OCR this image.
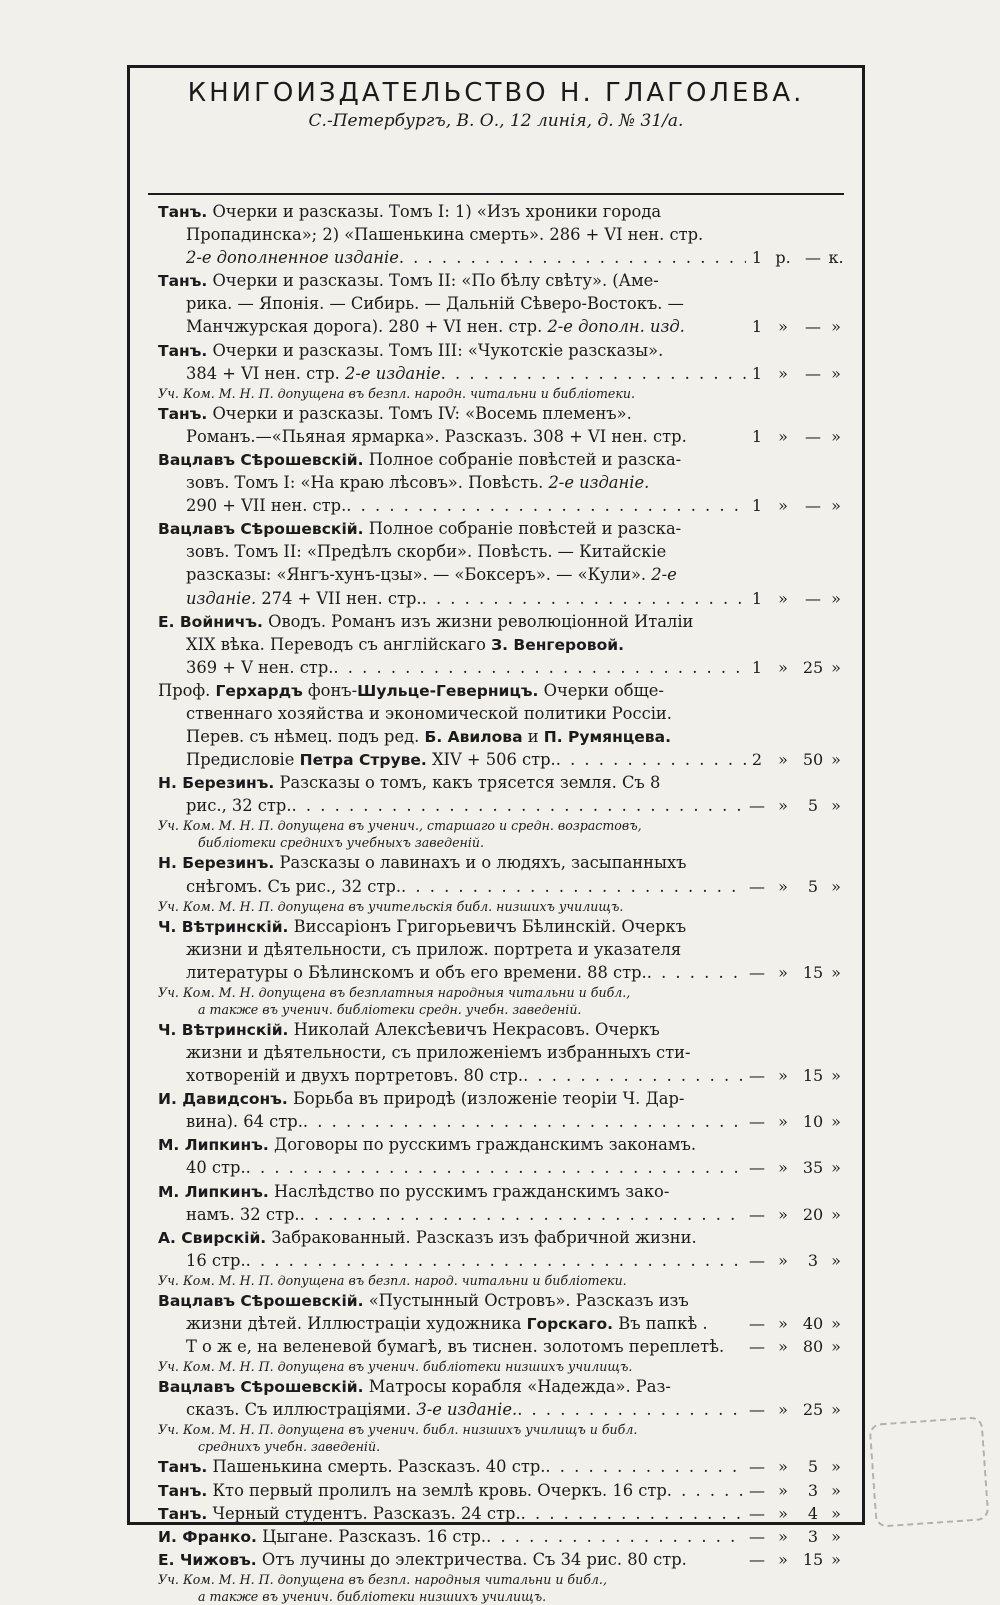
КНИГОИЗДАТЕЛЬСТВО Н. ГЛАГОЛЕВА.
С.-Петербургъ, В. О., 12 линія, д. № 31/а.
Танъ. Очерки и разсказы. Томъ I: 1) «Изъ хроники города
Пропадинска»; 2) «Пашенькина смерть». 286 + VI нен. стр.
2-е дополненное изданіе . . .	1 р. — к.
Танъ. Очерки и разсказы. Томъ II: «По бѣлу свѣту». (Аме-
рика. — Японія. — Сибирь. — Дальній Сѣверо-Востокъ. —
Манчжурская дорога). 280 + VI нен. стр. 2-е дополн. изд.	1	»	— »
Танъ. Очерки и разсказы. Томъ III: «Чукотскіе разсказы».
384 + VI нен. стр. 2-е изданіе . . .	1	»	— »
Уч. Ком. М. Н. П. допущена въ безпл. народн. читальни и библіотеки.
Танъ. Очерки и разсказы. Томъ IV: «Восемь племенъ».
Романъ.—«Пьяная ярмарка». Разсказъ. 308 + VI нен. стр.	1	»	— »
Вацлавъ Сѣрошевскій. Полное собраніе повѣстей и разска-
зовъ. Томъ I: «На краю лѣсовъ». Повѣсть. 2-е изданіе.
290 + VII нен. стр. . . .	1	»	— »
Вацлавъ Сѣрошевскій. Полное собраніе повѣстей и разска-
зовъ. Томъ II: «Предѣлъ скорби». Повѣсть. — Китайскіе
разсказы: «Янгъ-хунъ-цзы». — «Боксеръ». — «Кули». 2-е
изданіе. 274 + VII нен. стр. . . .	1	»	— »
Е. Войничъ. Оводъ. Романъ изъ жизни революціонной Италіи
XIX вѣка. Переводъ съ англійскаго З. Венгеровой.
369 + V нен. стр. . . .	1	» 25 »
Проф. Герхардъ фонъ-Шульце-Геверницъ. Очерки обще-
ственнаго хозяйства и экономической политики Россіи.
Перев. съ нѣмец. подъ ред. Б. Авилова и П. Румянцева.
Предисловіе Петра Струве. XIV + 506 стр. . . .	2	» 50 »
Н. Березинъ. Разсказы о томъ, какъ трясется земля. Съ 8
рис., 32 стр. . . .	— »	5 »
Уч. Ком. М. Н. П. допущена въ ученич., старшаго и средн. возрастовъ,
библіотеки среднихъ учебныхъ заведеній.
Н. Березинъ. Разсказы о лавинахъ и о людяхъ, засыпанныхъ
снѣгомъ. Съ рис., 32 стр. . . .	— »	5 »
Уч. Ком. М. Н. П. допущена въ учительскія библ. низшихъ училищъ.
Ч. Вѣтринскій. Виссаріонъ Григорьевичъ Бѣлинскій. Очеркъ
жизни и дѣятельности, съ прилож. портрета и указателя
литературы о Бѣлинскомъ и объ его времени. 88 стр. . . .	— » 15 »
Уч. Ком. М. Н. допущена въ безплатныя народныя читальни и библ.,
а также въ ученич. библіотеки средн. учебн. заведеній.
Ч. Вѣтринскій. Николай Алексѣевичъ Некрасовъ. Очеркъ
жизни и дѣятельности, съ приложеніемъ избранныхъ сти-
хотвореній и двухъ портретовъ. 80 стр. . . .	— » 15 »
И. Давидсонъ. Борьба въ природѣ (изложеніе теоріи Ч. Дар-
вина). 64 стр. . . .	— » 10 »
М. Липкинъ. Договоры по русскимъ гражданскимъ законамъ.
40 стр. . . .	— » 35 »
М. Липкинъ. Наслѣдство по русскимъ гражданскимъ зако-
намъ. 32 стр. . . .	— » 20 »
А. Свирскій. Забракованный. Разсказъ изъ фабричной жизни.
16 стр. . . .	— »	3 »
Уч. Ком. М. Н. П. допущена въ безпл. народ. читальни и библіотеки.
Вацлавъ Сѣрошевскій. «Пустынный Островъ». Разсказъ изъ
жизни дѣтей. Иллюстраціи художника Горскаго. Въ папкѣ .	— » 40 »
Т о ж е, на веленевой бумагѣ, въ тиснен. золотомъ переплетѣ. — » 80 »
Уч. Ком. М. Н. П. допущена въ ученич. библіотеки низшихъ училищъ.
Вацлавъ Сѣрошевскій. Матросы корабля «Надежда». Раз-
сказъ. Съ иллюстраціями. 3-е изданіе. . . .	— » 25 »
Уч. Ком. М. Н. П. допущена въ ученич. библ. низшихъ училищъ и библ.
среднихъ учебн. заведеній.
Танъ. Пашенькина смерть. Разсказъ. 40 стр. . . .	— »	5 »
Танъ. Кто первый пролилъ на землѣ кровь. Очеркъ. 16 стр . . .	— »	3 »
Танъ. Черный студентъ. Разсказъ. 24 стр. . . .	— »	4 »
И. Франко. Цыгане. Разсказъ. 16 стр. . . .	— »	3 »
Е. Чижовъ. Отъ лучины до электричества. Съ 34 рис. 80 стр.	— » 15 »
Уч. Ком. М. Н. П. допущена въ безпл. народныя читальни и библ.,
а также въ ученич. библіотеки низшихъ училищъ.
